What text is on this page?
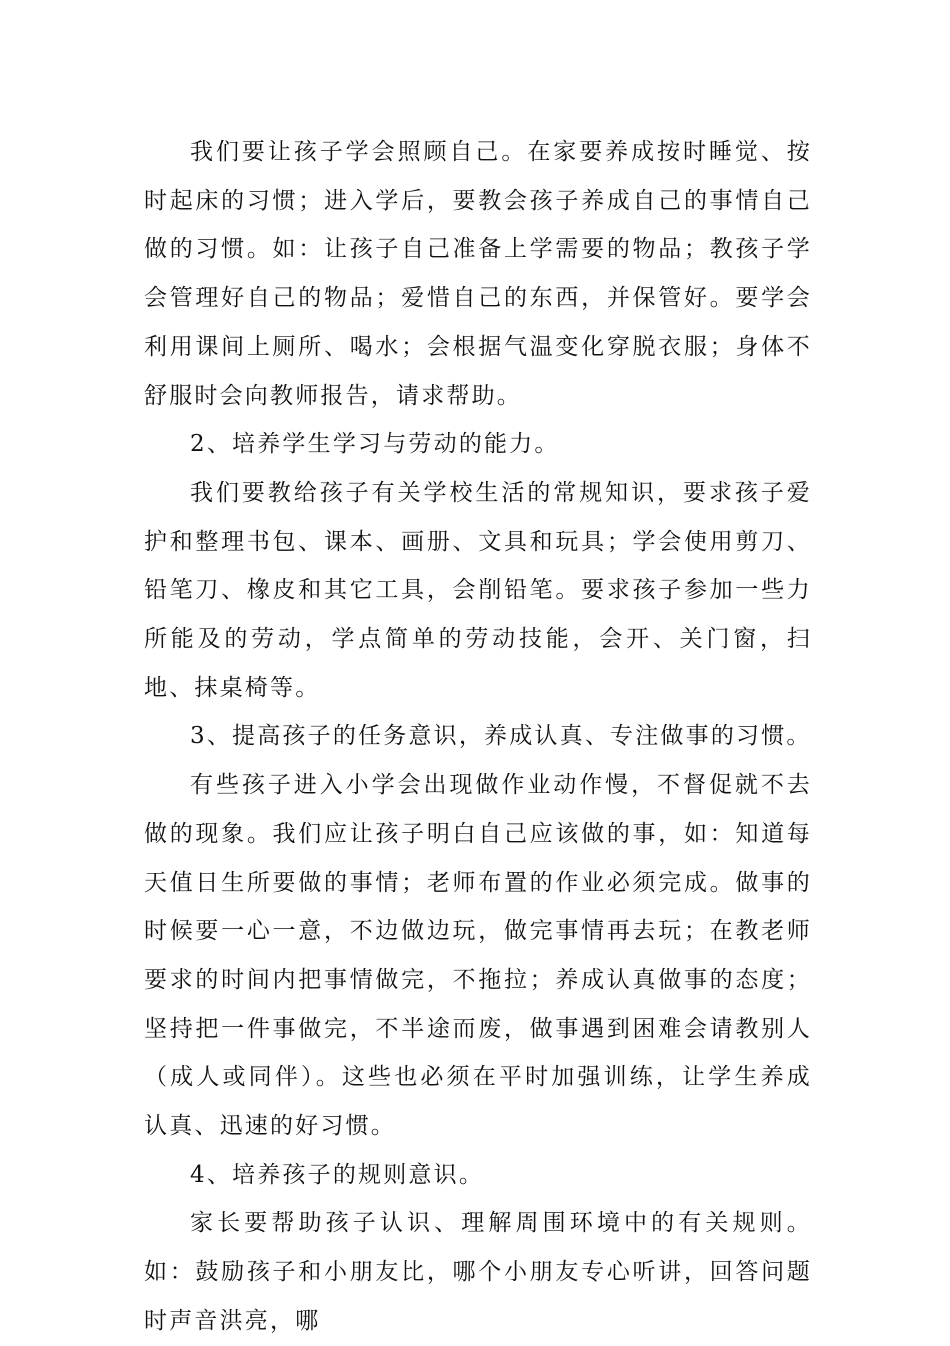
我们要让孩子学会照顾自己。在家要养成按时睡觉、按时起床的习惯；进入学后，要教会孩子养成自己的事情自己做的习惯。如：让孩子自己准备上学需要的物品；教孩子学会管理好自己的物品；爱惜自己的东西，并保管好。要学会利用课间上厕所、喝水；会根据气温变化穿脱衣服；身体不舒服时会向教师报告，请求帮助。

2、培养学生学习与劳动的能力。

我们要教给孩子有关学校生活的常规知识，要求孩子爱护和整理书包、课本、画册、文具和玩具；学会使用剪刀、铅笔刀、橡皮和其它工具，会削铅笔。要求孩子参加一些力所能及的劳动，学点简单的劳动技能，会开、关门窗，扫地、抹桌椅等。

3、提高孩子的任务意识，养成认真、专注做事的习惯。

有些孩子进入小学会出现做作业动作慢，不督促就不去做的现象。我们应让孩子明白自己应该做的事，如：知道每天值日生所要做的事情；老师布置的作业必须完成。做事的时候要一心一意，不边做边玩，做完事情再去玩；在教老师要求的时间内把事情做完，不拖拉；养成认真做事的态度；坚持把一件事做完，不半途而废，做事遇到困难会请教别人（成人或同伴）。这些也必须在平时加强训练，让学生养成认真、迅速的好习惯。

4、培养孩子的规则意识。

家长要帮助孩子认识、理解周围环境中的有关规则。如：鼓励孩子和小朋友比，哪个小朋友专心听讲，回答问题时声音洪亮，哪
